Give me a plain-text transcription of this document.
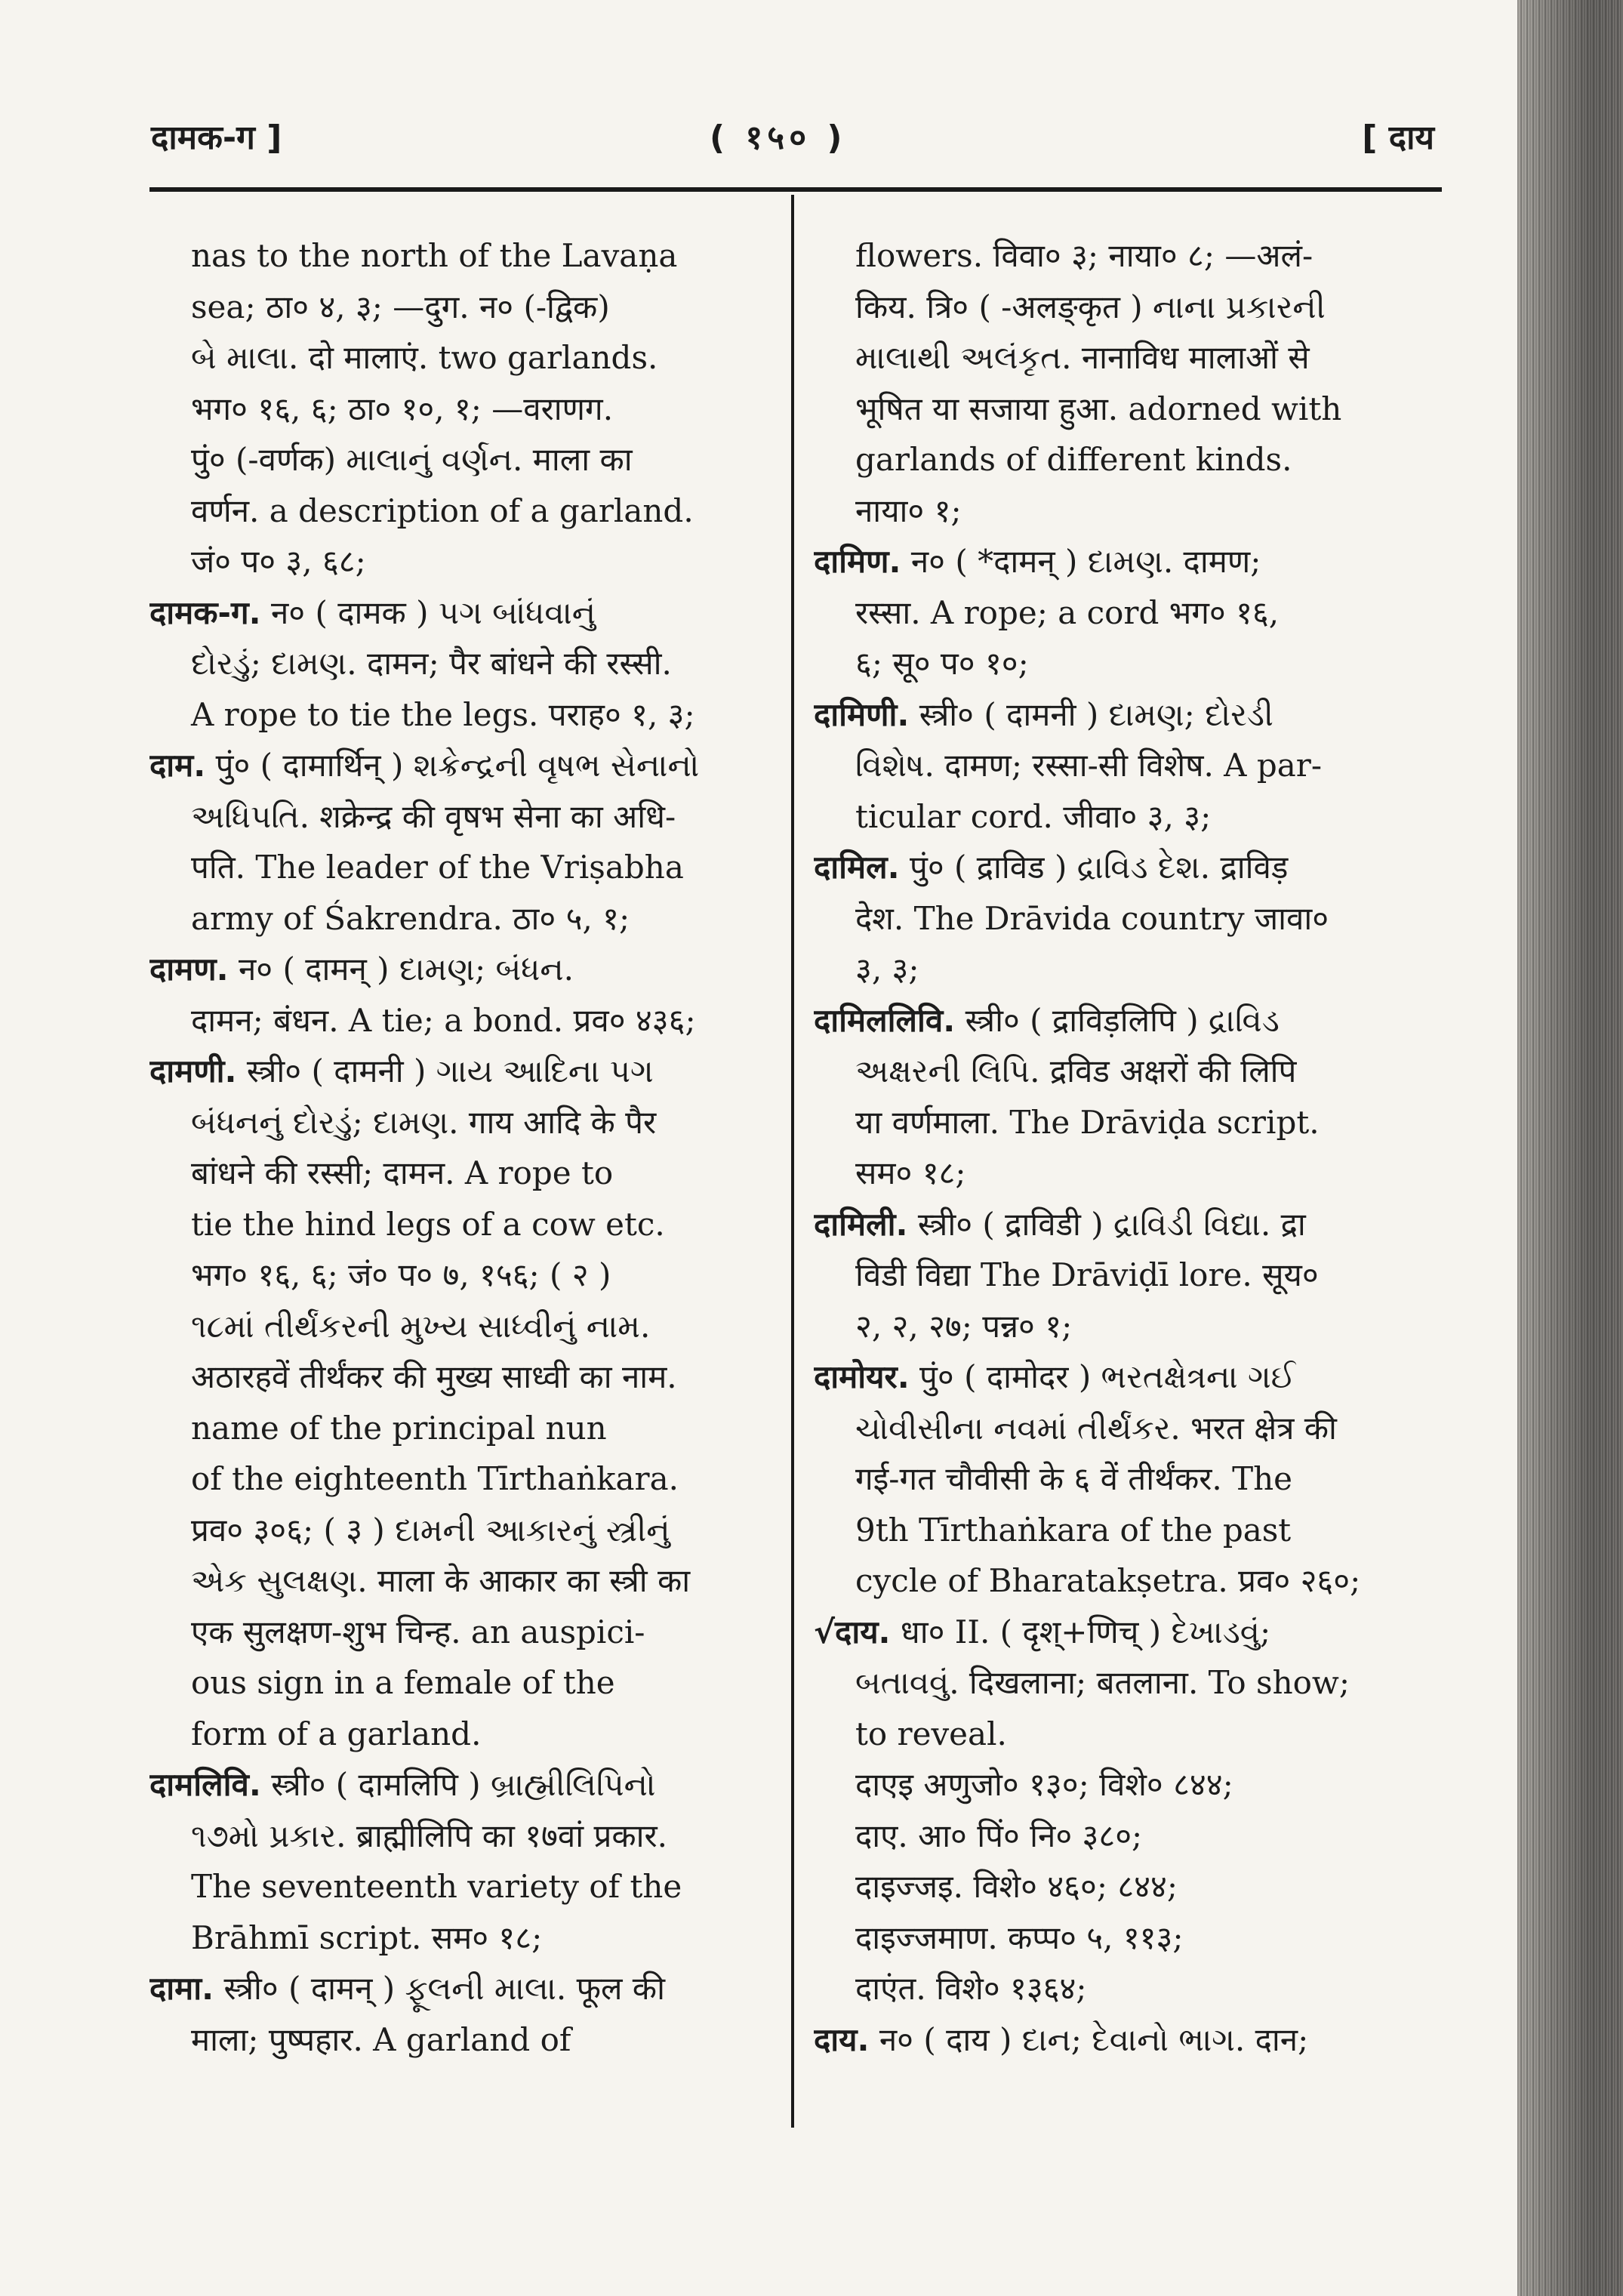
दामक-ग ]	( १५० )	[ दाय
nas to the north of the Lavaṇa
sea; ठा० ४, ३; —दुग. न० (-द्विक)
બે માલા. दो मालाएं. two garlands.
भग० १६, ६; ठा० १०, १; —वराणग.
पुं० (-वर्णक) માલાનું વર્ણન. माला का
वर्णन. a description of a garland.
जं० प० ३, ६८;
दामक-ग. न० ( दामक ) પગ બાંધવાનું
દોરડું; દામણ. दामन; पैर बांधने की रस्सी.
A rope to tie the legs. पराह० १, ३;
दाम. पुं० ( दामार्थिन् ) શક્રેન્દ્રની વૃષભ સેનાનો
અધિપતિ. शक्रेन्द्र की वृषभ सेना का अधि-
पति. The leader of the Vriṣabha
army of Śakrendra. ठा० ५, १;
दामण. न० ( दामन् ) દામણ; બંધન.
दामन; बंधन. A tie; a bond. प्रव० ४३६;
दामणी. स्त्री० ( दामनी ) ગાય આદિના પગ
બંધનનું દોરડું; દામણ. गाय आदि के पैर
बांधने की रस्सी; दामन. A rope to
tie the hind legs of a cow etc.
भग० १६, ६; जं० प० ७, १५६; ( २ )
૧૮માં તીર્થંકરની મુખ્ય સાધ્વીનું નામ.
अठारहवें तीर्थंकर की मुख्य साध्वी का नाम.
name of the principal nun
of the eighteenth Tīrthaṅkara.
प्रव० ३०६; ( ३ ) દામની આકારનું સ્ત્રીનું
એક સુલક્ષણ. माला के आकार का स्त्री का
एक सुलक्षण-शुभ चिन्ह. an auspici-
ous sign in a female of the
form of a garland.
दामलिवि. स्त्री० ( दामलिपि ) બ્રાહ્મીલિપિનો
૧૭મો પ્રકાર. ब्राह्मीलिपि का १७वां प्रकार.
The seventeenth variety of the
Brāhmī script. सम० १८;
दामा. स्त्री० ( दामन् ) ફૂલની માલા. फूल की
माला; पुष्पहार. A garland of
flowers. विवा० ३; नाया० ८; —अलं-
किय. त्रि० ( -अलङ्कृत ) નાના પ્રકારની
માલાથી અલંકૃત. नानाविध मालाओं से
भूषित या सजाया हुआ. adorned with
garlands of different kinds.
नाया० १;
दामिण. न० ( *दामन् ) દામણ. दामण;
रस्सा. A rope; a cord भग० १६,
६; सू० प० १०;
दामिणी. स्त्री० ( दामनी ) દામણ; દોરડી
વિશેષ. दामण; रस्सा-सी विशेष. A par-
ticular cord. जीवा० ३, ३;
दामिल. पुं० ( द्राविड ) દ્રાવિડ દેશ. द्राविड़
देश. The Drāvida country जावा०
३, ३;
दामिललिवि. स्त्री० ( द्राविड़लिपि ) દ્રાવિડ
અક્ષરની લિપિ. द्रविड अक्षरों की लिपि
या वर्णमाला. The Drāviḍa script.
सम० १८;
दामिली. स्त्री० ( द्राविडी ) દ્રાવિડી વિદ્યા. द्रा
विडी विद्या The Drāviḍī lore. सूय०
२, २, २७; पन्न० १;
दामोयर. पुं० ( दामोदर ) ભરતક્ષેત્રના ગઈ
ચોવીસીના નવમાં તીર્થંકર. भरत क्षेत्र की
गई-गत चौवीसी के ६ वें तीर्थंकर. The
9th Tīrthaṅkara of the past
cycle of Bharatakṣetra. प्रव० २६०;
√दाय. धा० II. ( दृश्+णिच् ) દેખાડવું;
બતાવવું. दिखलाना; बतलाना. To show;
to reveal.
दाएइ अणुजो० १३०; विशे० ८४४;
दाए. आ० पिं० नि० ३८०;
दाइज्जइ. विशे० ४६०; ८४४;
दाइज्जमाण. कप्प० ५, ११३;
दाएंत. विशे० १३६४;
दाय. न० ( दाय ) દાન; દેવાનો ભાગ. दान;
